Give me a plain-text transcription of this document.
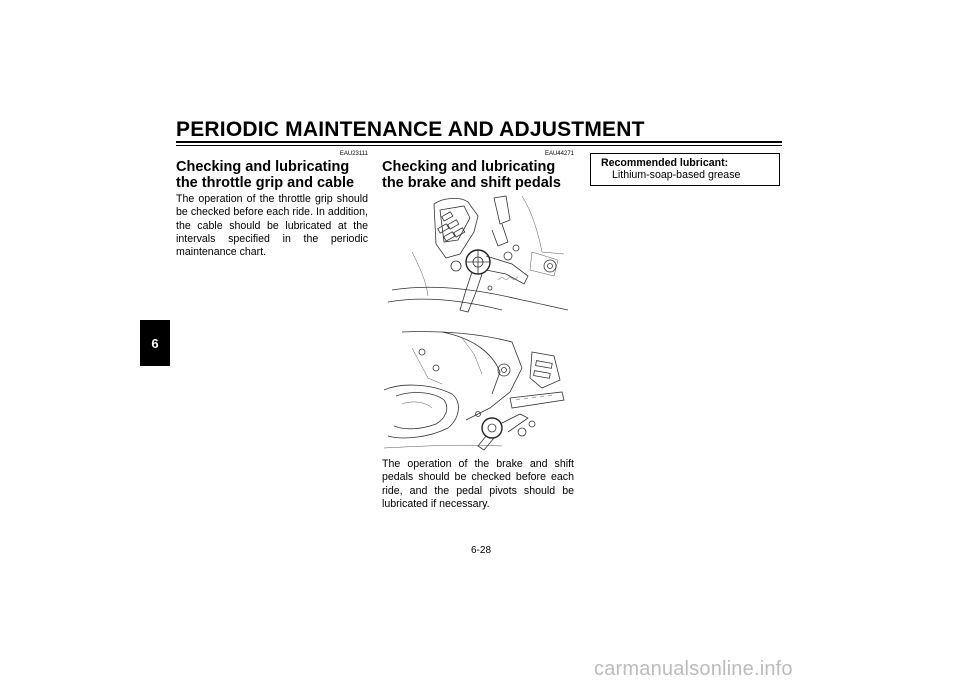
PERIODIC MAINTENANCE AND ADJUSTMENT
6
EAU23111
Checking and lubricating the throttle grip and cable
The operation of the throttle grip should be checked before each ride. In addition, the cable should be lubricated at the intervals specified in the periodic maintenance chart.
EAU44271
Checking and lubricating the brake and shift pedals
The operation of the brake and shift pedals should be checked before each ride, and the pedal pivots should be lubricated if necessary.
Recommended lubricant:
Lithium-soap-based grease
6-28
carmanualsonline.info
